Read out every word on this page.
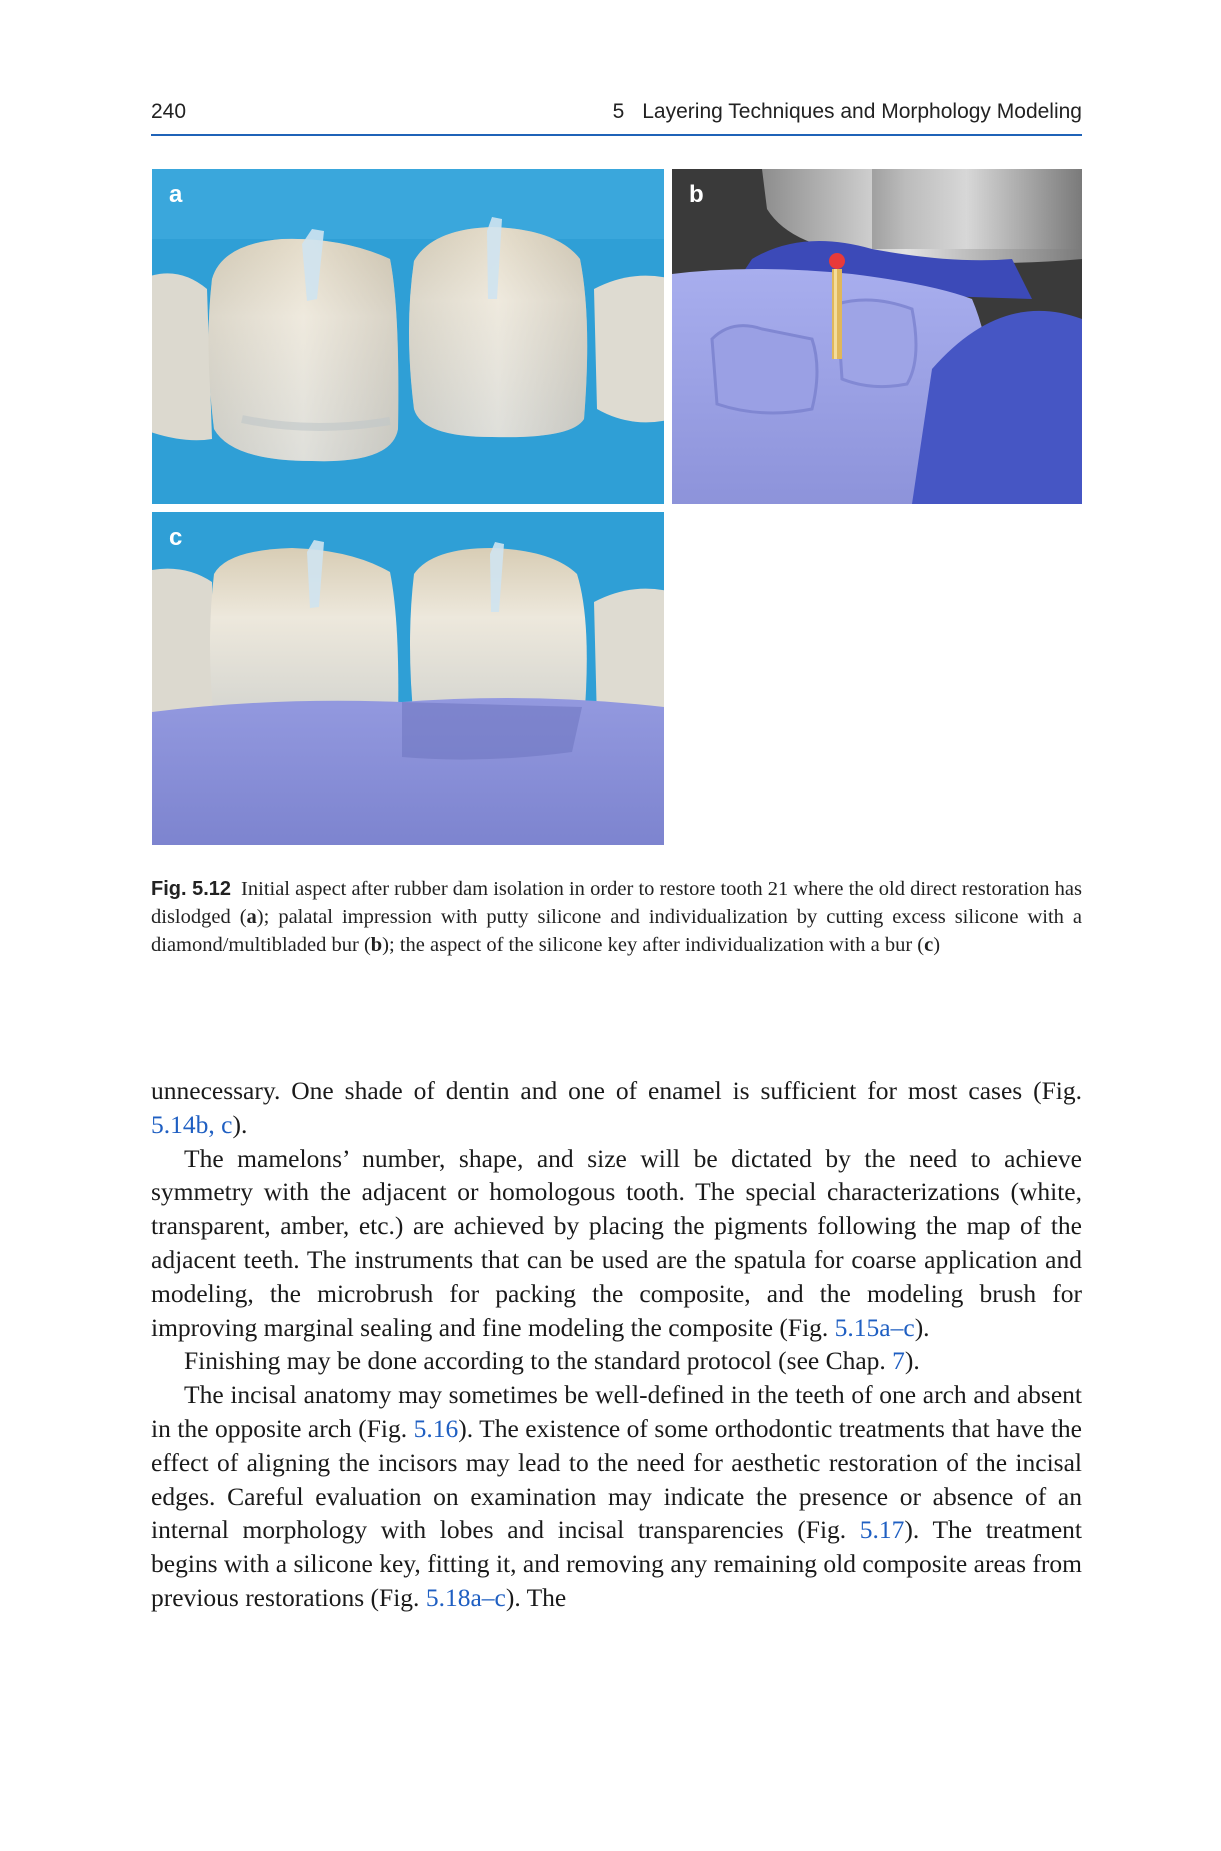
240	5 Layering Techniques and Morphology Modeling
a	b
c
Fig. 5.12 Initial aspect after rubber dam isolation in order to restore tooth 21 where the old direct restoration has dislodged (a); palatal impression with putty silicone and individualization by cutting excess silicone with a diamond/multibladed bur (b); the aspect of the silicone key after individualization with a bur (c)

unnecessary. One shade of dentin and one of enamel is sufficient for most cases (Fig. 5.14b, c).

The mamelons’ number, shape, and size will be dictated by the need to achieve symmetry with the adjacent or homologous tooth. The special characterizations (white, transparent, amber, etc.) are achieved by placing the pigments following the map of the adjacent teeth. The instruments that can be used are the spatula for coarse application and modeling, the microbrush for packing the composite, and the modeling brush for improving marginal sealing and fine modeling the composite (Fig. 5.15a–c).

Finishing may be done according to the standard protocol (see Chap. 7).

The incisal anatomy may sometimes be well-defined in the teeth of one arch and absent in the opposite arch (Fig. 5.16). The existence of some orthodontic treatments that have the effect of aligning the incisors may lead to the need for aesthetic restoration of the incisal edges. Careful evaluation on examination may indicate the presence or absence of an internal morphology with lobes and incisal transparencies (Fig. 5.17). The treatment begins with a silicone key, fitting it, and removing any remaining old composite areas from previous restorations (Fig. 5.18a–c). The
